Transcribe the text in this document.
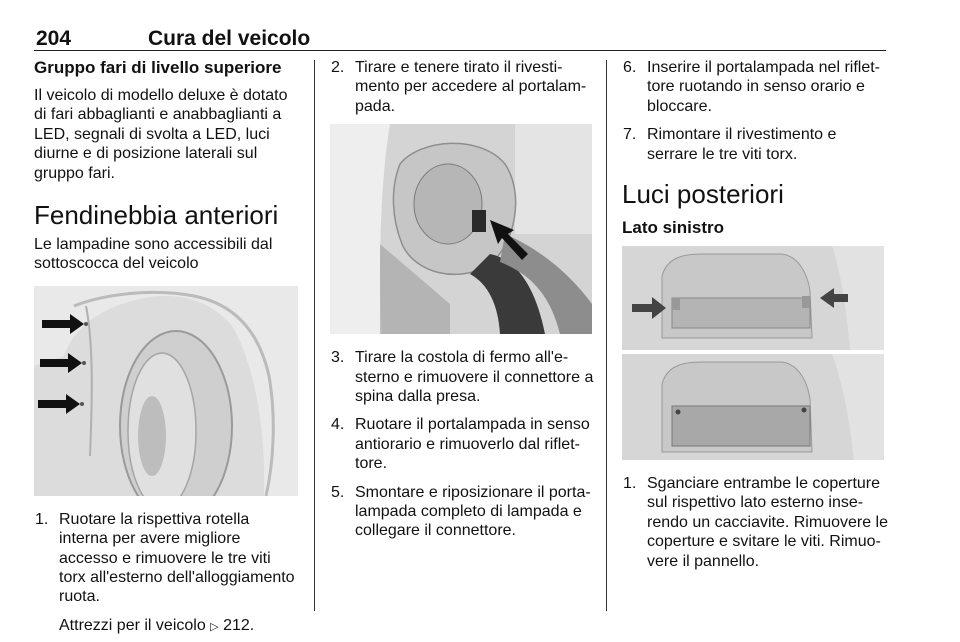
204	Cura del veicolo
Gruppo fari di livello superiore

Il veicolo di modello deluxe è dotato di fari abbaglianti e anabbaglianti a LED, segnali di svolta a LED, luci diurne e di posizione laterali sul gruppo fari.

Fendinebbia anteriori

Le lampadine sono accessibili dal sottoscocca del veicolo

1. Ruotare la rispettiva rotella interna per avere migliore accesso e rimuovere le tre viti torx all'esterno dell'alloggiamento ruota.

Attrezzi per il veicolo ▷ 212.

2. Tirare e tenere tirato il rivestimento per accedere al portalampada.
3. Tirare la costola di fermo all'esterno e rimuovere il connettore a spina dalla presa.
4. Ruotare il portalampada in senso antiorario e rimuoverlo dal riflettore.
5. Smontare e riposizionare il portalampada completo di lampada e collegare il connettore.
6. Inserire il portalampada nel riflettore ruotando in senso orario e bloccare.
7. Rimontare il rivestimento e serrare le tre viti torx.
Luci posteriori
Lato sinistro
1. Sganciare entrambe le coperture sul rispettivo lato esterno inserendo un cacciavite. Rimuovere le coperture e svitare le viti. Rimuovere il pannello.
